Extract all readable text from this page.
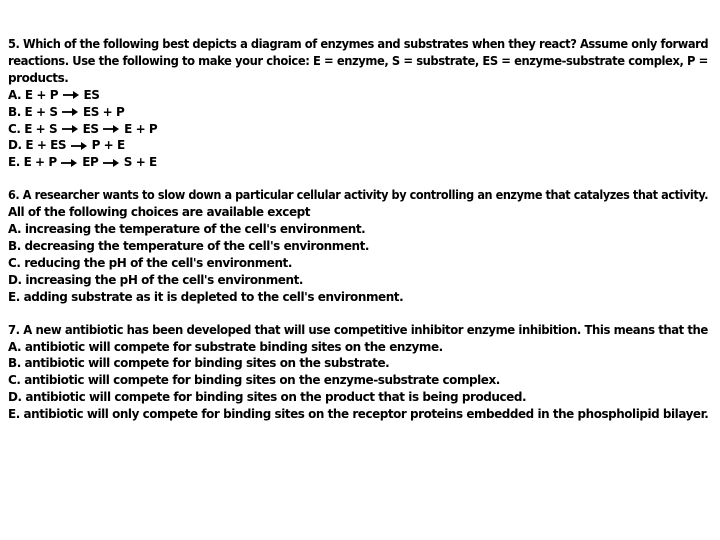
5. Which of the following best depicts a diagram of enzymes and substrates when they react? Assume only forward
reactions. Use the following to make your choice: E = enzyme, S = substrate, ES = enzyme-substrate complex, P =
products.
A. E + P ES
B. E + S ES + P
C. E + S ES E + P
D. E + ES P + E
E. E + P EP S + E
6. A researcher wants to slow down a particular cellular activity by controlling an enzyme that catalyzes that activity.
All of the following choices are available except
A. increasing the temperature of the cell's environment.
B. decreasing the temperature of the cell's environment.
C. reducing the pH of the cell's environment.
D. increasing the pH of the cell's environment.
E. adding substrate as it is depleted to the cell's environment.
7. A new antibiotic has been developed that will use competitive inhibitor enzyme inhibition. This means that the
A. antibiotic will compete for substrate binding sites on the enzyme.
B. antibiotic will compete for binding sites on the substrate.
C. antibiotic will compete for binding sites on the enzyme-substrate complex.
D. antibiotic will compete for binding sites on the product that is being produced.
E. antibiotic will only compete for binding sites on the receptor proteins embedded in the phospholipid bilayer.
